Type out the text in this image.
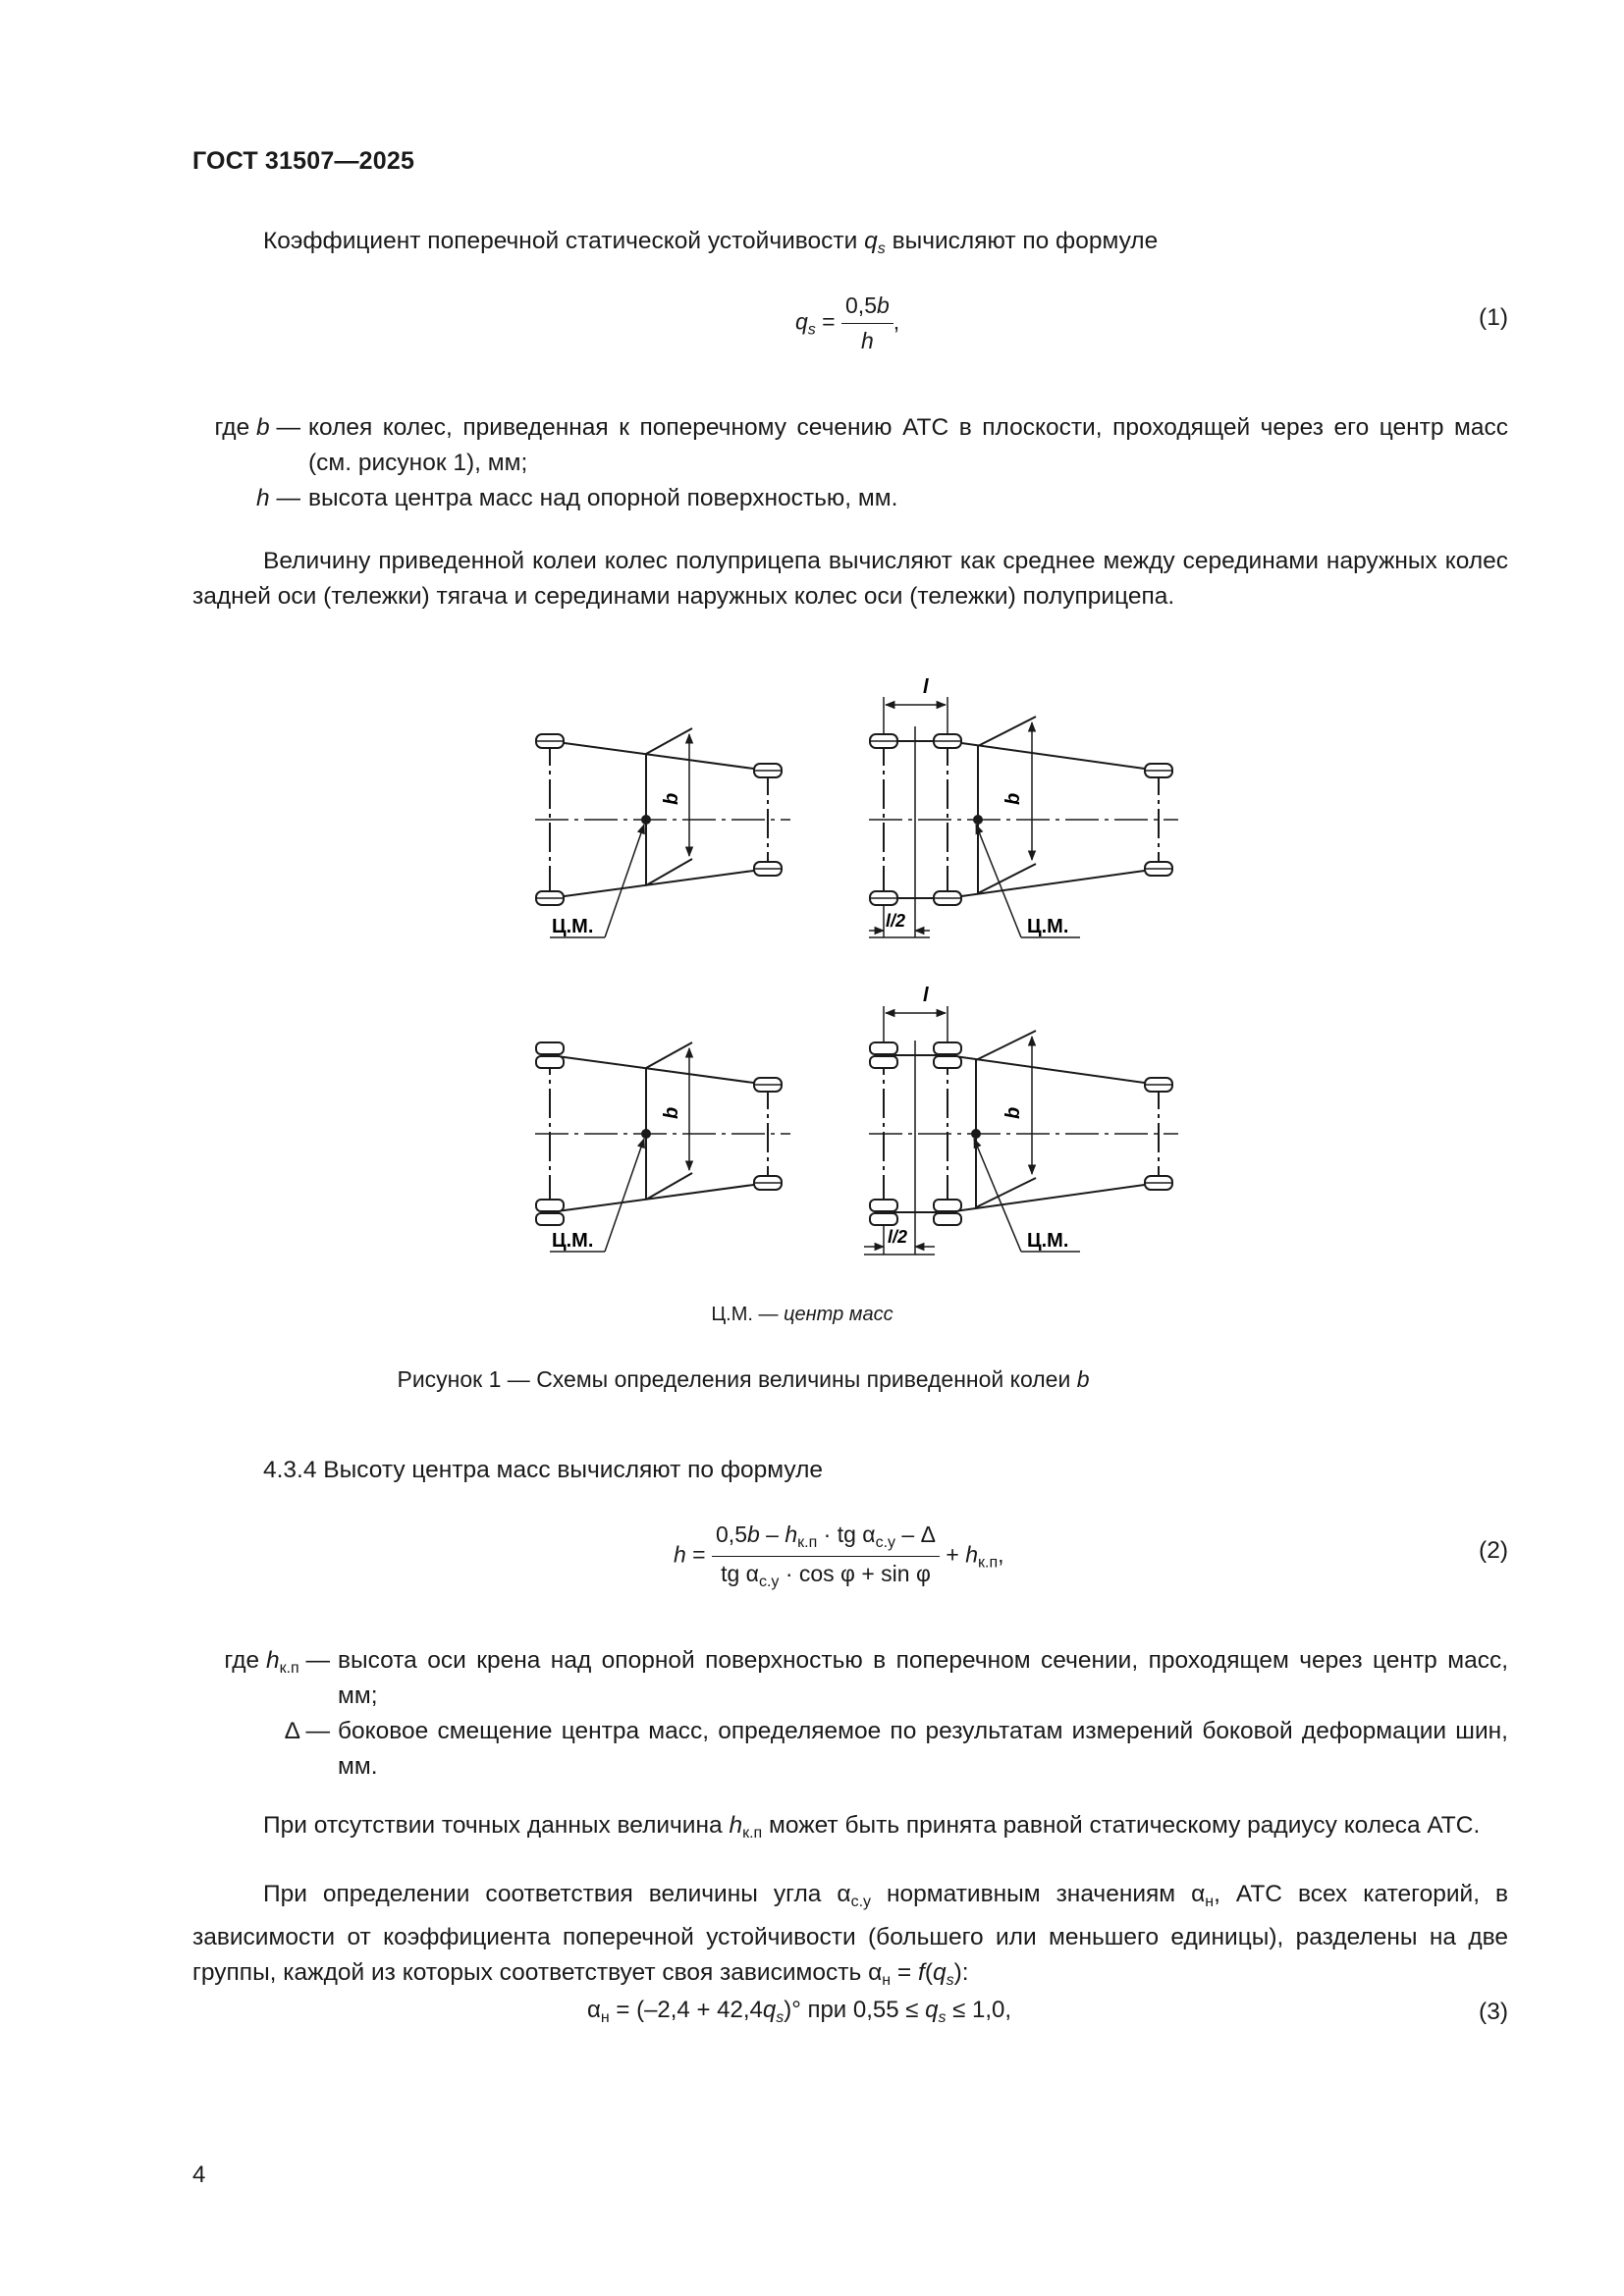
ГОСТ 31507—2025
Коэффициент поперечной статической устойчивости $q_s$ вычисляют по формуле
$q_s = \frac{0,5b}{h}$ ,	(1)
где b — колея колес, приведенная к поперечному сечению АТС в плоскости, проходящей через его центр масс (см. рисунок 1), мм;
h — высота центра масс над опорной поверхностью, мм.
Величину приведенной колеи колес полуприцепа вычисляют как среднее между серединами наружных колес задней оси (тележки) тягача и серединами наружных колес оси (тележки) полуприцепа.
b
Ц.М.
l
b
l/2	Ц.М.
b
Ц.М.
l
b
l/2	Ц.М.
Ц.М. — центр масс
Рисунок 1 — Схемы определения величины приведенной колеи b
4.3.4 Высоту центра масс вычисляют по формуле
$h = \frac{0,5b - h_{к.п} \cdot tg \alpha_{с.у} - \Delta}{tg \alpha_{с.у} \cdot \cos \varphi + \sin \varphi} + h_{к.п}$,	(2)
где $h_{к.п}$ — высота оси крена над опорной поверхностью в поперечном сечении, проходящем через центр масс, мм;
Δ — боковое смещение центра масс, определяемое по результатам измерений боковой деформации шин, мм.
При отсутствии точных данных величина $h_{к.п}$ может быть принята равной статическому радиусу колеса АТС.
При определении соответствия величины угла $\alpha_{с.у}$ нормативным значениям $\alpha_н$, АТС всех категорий, в зависимости от коэффициента поперечной устойчивости (большего или меньшего единицы), разделены на две группы, каждой из которых соответствует своя зависимость $\alpha_н = f(q_s)$:
$\alpha_н = (-2,4 + 42,4q_s)^\circ$ при $0,55 \le q_s \le 1,0$,	(3)
4
